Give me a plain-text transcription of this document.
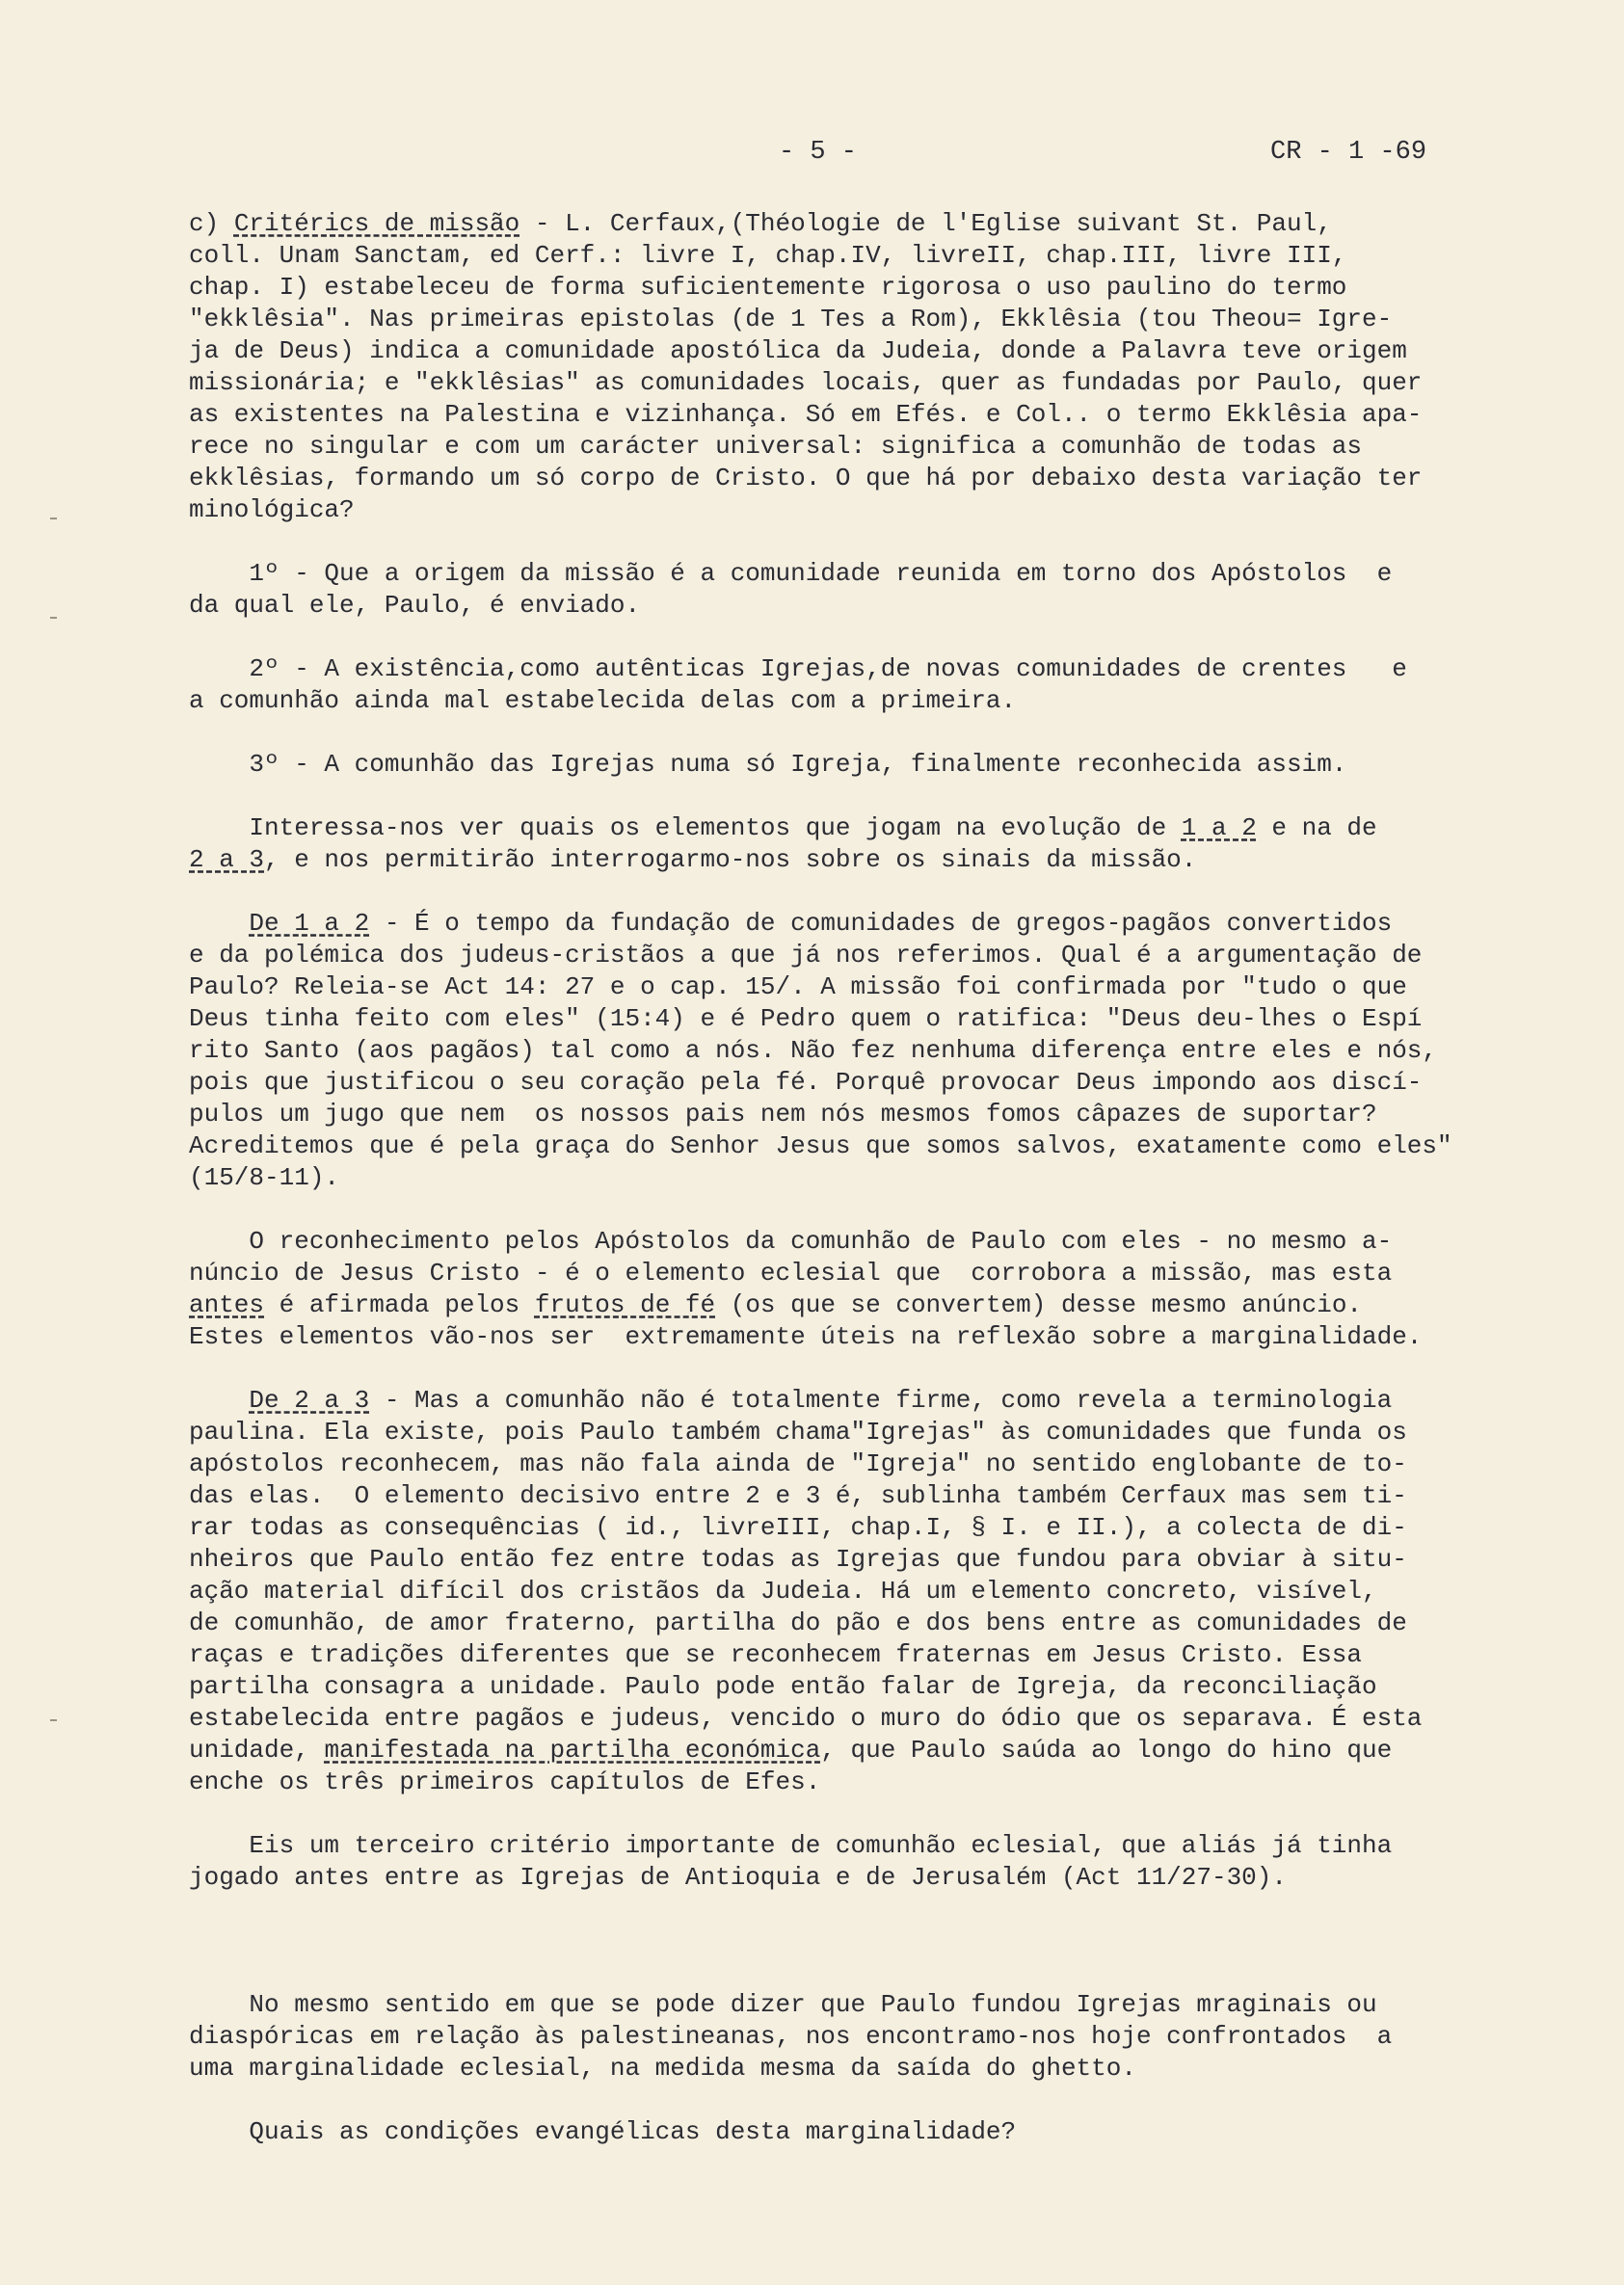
- 5 -	CR - 1 -69
c) Critérics de missão - L. Cerfaux,(Théologie de l'Eglise suivant St. Paul,
coll. Unam Sanctam, ed Cerf.: livre I, chap.IV, livreII, chap.III, livre III,
chap. I) estabeleceu de forma suficientemente rigorosa o uso paulino do termo
"ekklêsia". Nas primeiras epistolas (de 1 Tes a Rom), Ekklêsia (tou Theou= Igre-
ja de Deus) indica a comunidade apostólica da Judeia, donde a Palavra teve origem
missionária; e "ekklêsias" as comunidades locais, quer as fundadas por Paulo, quer
as existentes na Palestina e vizinhança. Só em Efés. e Col.. o termo Ekklêsia apa-
rece no singular e com um carácter universal: significa a comunhão de todas as
ekklêsias, formando um só corpo de Cristo. O que há por debaixo desta variação ter
minológica?
1º - Que a origem da missão é a comunidade reunida em torno dos Apóstolos  e
da qual ele, Paulo, é enviado.
2º - A existência,como autênticas Igrejas,de novas comunidades de crentes   e
a comunhão ainda mal estabelecida delas com a primeira.
3º - A comunhão das Igrejas numa só Igreja, finalmente reconhecida assim.
Interessa-nos ver quais os elementos que jogam na evolução de 1 a 2 e na de
2 a 3, e nos permitirão interrogarmo-nos sobre os sinais da missão.
De 1 a 2 - É o tempo da fundação de comunidades de gregos-pagãos convertidos
e da polémica dos judeus-cristãos a que já nos referimos. Qual é a argumentação de
Paulo? Releia-se Act 14: 27 e o cap. 15/. A missão foi confirmada por "tudo o que
Deus tinha feito com eles" (15:4) e é Pedro quem o ratifica: "Deus deu-lhes o Espí
rito Santo (aos pagãos) tal como a nós. Não fez nenhuma diferença entre eles e nós,
pois que justificou o seu coração pela fé. Porquê provocar Deus impondo aos discí-
pulos um jugo que nem  os nossos pais nem nós mesmos fomos câpazes de suportar?
Acreditemos que é pela graça do Senhor Jesus que somos salvos, exatamente como eles"
(15/8-11).
O reconhecimento pelos Apóstolos da comunhão de Paulo com eles - no mesmo a-
núncio de Jesus Cristo - é o elemento eclesial que  corrobora a missão, mas esta
antes é afirmada pelos frutos de fé (os que se convertem) desse mesmo anúncio.
Estes elementos vão-nos ser  extremamente úteis na reflexão sobre a marginalidade.
De 2 a 3 - Mas a comunhão não é totalmente firme, como revela a terminologia
paulina. Ela existe, pois Paulo também chama"Igrejas" às comunidades que funda os
apóstolos reconhecem, mas não fala ainda de "Igreja" no sentido englobante de to-
das elas.  O elemento decisivo entre 2 e 3 é, sublinha também Cerfaux mas sem ti-
rar todas as consequências ( id., livreIII, chap.I, § I. e II.), a colecta de di-
nheiros que Paulo então fez entre todas as Igrejas que fundou para obviar à situ-
ação material difícil dos cristãos da Judeia. Há um elemento concreto, visível,
de comunhão, de amor fraterno, partilha do pão e dos bens entre as comunidades de
raças e tradições diferentes que se reconhecem fraternas em Jesus Cristo. Essa
partilha consagra a unidade. Paulo pode então falar de Igreja, da reconciliação
estabelecida entre pagãos e judeus, vencido o muro do ódio que os separava. É esta
unidade, manifestada na partilha económica, que Paulo saúda ao longo do hino que
enche os três primeiros capítulos de Efes.
Eis um terceiro critério importante de comunhão eclesial, que aliás já tinha
jogado antes entre as Igrejas de Antioquia e de Jerusalém (Act 11/27-30).
No mesmo sentido em que se pode dizer que Paulo fundou Igrejas mraginais ou
diaspóricas em relação às palestineanas, nos encontramo-nos hoje confrontados  a
uma marginalidade eclesial, na medida mesma da saída do ghetto.
Quais as condições evangélicas desta marginalidade?
